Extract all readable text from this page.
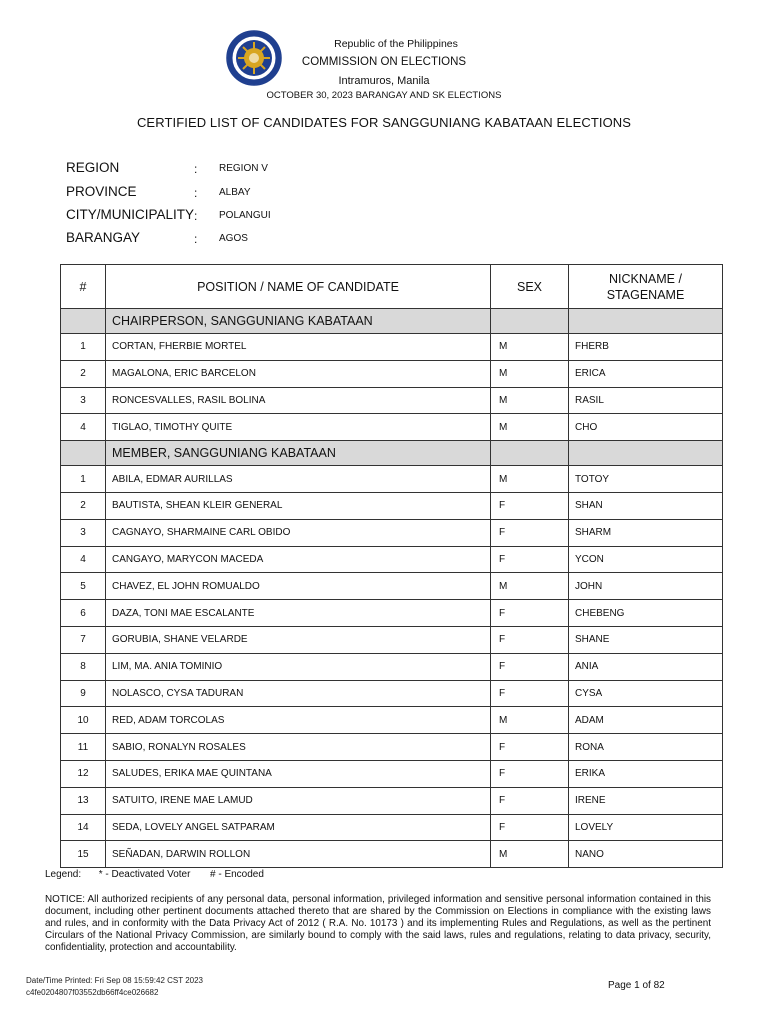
Republic of the Philippines
COMMISSION ON ELECTIONS
Intramuros, Manila
OCTOBER 30, 2023 BARANGAY AND SK ELECTIONS
CERTIFIED LIST OF CANDIDATES FOR SANGGUNIANG KABATAAN ELECTIONS
REGION	: REGION V
PROVINCE	: ALBAY
CITY/MUNICIPALITY : POLANGUI
BARANGAY	: AGOS
#	POSITION / NAME OF CANDIDATE	SEX	NICKNAME /
STAGENAME

	CHAIRPERSON, SANGGUNIANG KABATAAN		
1	CORTAN, FHERBIE MORTEL	M	FHERB
2	MAGALONA, ERIC BARCELON	M	ERICA
3	RONCESVALLES, RASIL BOLINA	M	RASIL
4	TIGLAO, TIMOTHY QUITE	M	CHO
	MEMBER, SANGGUNIANG KABATAAN		
1	ABILA, EDMAR AURILLAS	M	TOTOY
2	BAUTISTA, SHEAN KLEIR GENERAL	F	SHAN
3	CAGNAYO, SHARMAINE CARL OBIDO	F	SHARM
4	CANGAYO, MARYCON MACEDA	F	YCON
5	CHAVEZ, EL JOHN ROMUALDO	M	JOHN
6	DAZA, TONI MAE ESCALANTE	F	CHEBENG
7	GORUBIA, SHANE VELARDE	F	SHANE
8	LIM, MA. ANIA TOMINIO	F	ANIA
9	NOLASCO, CYSA TADURAN	F	CYSA
10	RED, ADAM TORCOLAS	M	ADAM
11	SABIO, RONALYN ROSALES	F	RONA
12	SALUDES, ERIKA MAE QUINTANA	F	ERIKA
13	SATUITO, IRENE MAE LAMUD	F	IRENE
14	SEDA, LOVELY ANGEL SATPARAM	F	LOVELY
15	SEÑADAN, DARWIN ROLLON	M	NANO
Legend: * - Deactivated Voter # - Encoded
NOTICE: All authorized recipients of any personal data, personal information, privileged information and sensitive personal information contained in this document, including other pertinent documents attached thereto that are shared by the Commission on Elections in compliance with the existing laws and rules, and in conformity with the Data Privacy Act of 2012 ( R.A. No. 10173 ) and its implementing Rules and Regulations, as well as the pertinent Circulars of the National Privacy Commission, are similarly bound to comply with the said laws, rules and regulations, relating to data privacy, security, confidentiality, protection and accountability.
Date/Time Printed: Fri Sep 08 15:59:42 CST 2023
c4fe0204807f03552db66ff4ce026682
Page 1 of 82
